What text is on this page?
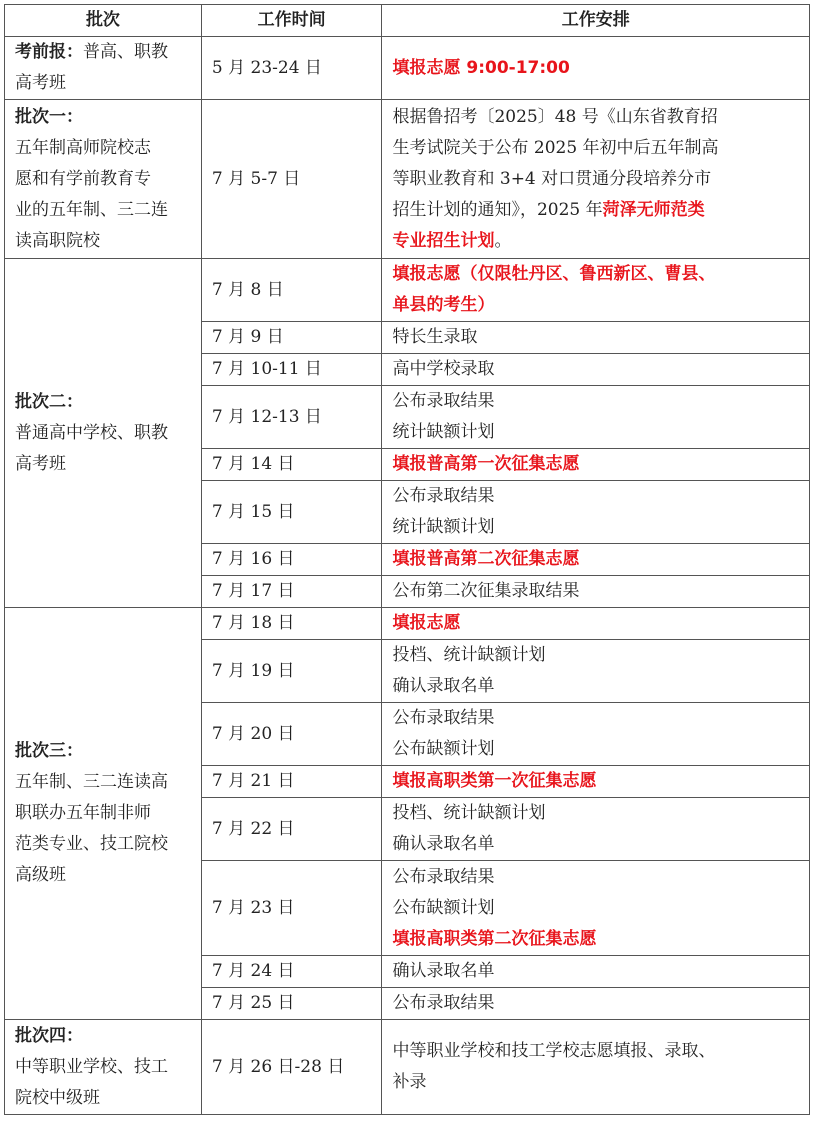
批次	工作时间	工作安排
考前报：普高、职教
高考班	5 月 23-24 日	填报志愿 9:00-17:00

批次一：
五年制高师院校志
愿和有学前教育专
业的五年制、三二连
读高职院校	7 月 5-7 日	根据鲁招考〔2025〕48 号《山东省教育招
生考试院关于公布 2025 年初中后五年制高
等职业教育和 3+4 对口贯通分段培养分市
招生计划的通知》，2025 年菏泽无师范类
专业招生计划。

批次二：
普通高中学校、职教
高考班	7 月 8 日	填报志愿（仅限牡丹区、鲁西新区、曹县、
单县的考生）

	7 月 9 日	特长生录取

	7 月 10-11 日	高中学校录取

	7 月 12-13 日	公布录取结果
统计缺额计划

	7 月 14 日	填报普高第一次征集志愿

	7 月 15 日	公布录取结果
统计缺额计划

	7 月 16 日	填报普高第二次征集志愿

	7 月 17 日	公布第二次征集录取结果

批次三：
五年制、三二连读高
职联办五年制非师
范类专业、技工院校
高级班	7 月 18 日	填报志愿

	7 月 19 日	投档、统计缺额计划
确认录取名单

	7 月 20 日	公布录取结果
公布缺额计划

	7 月 21 日	填报高职类第一次征集志愿

	7 月 22 日	投档、统计缺额计划
确认录取名单

	7 月 23 日	公布录取结果
公布缺额计划
填报高职类第二次征集志愿

	7 月 24 日	确认录取名单

	7 月 25 日	公布录取结果

批次四：
中等职业学校、技工
院校中级班	7 月 26 日-28 日	中等职业学校和技工学校志愿填报、录取、
补录
